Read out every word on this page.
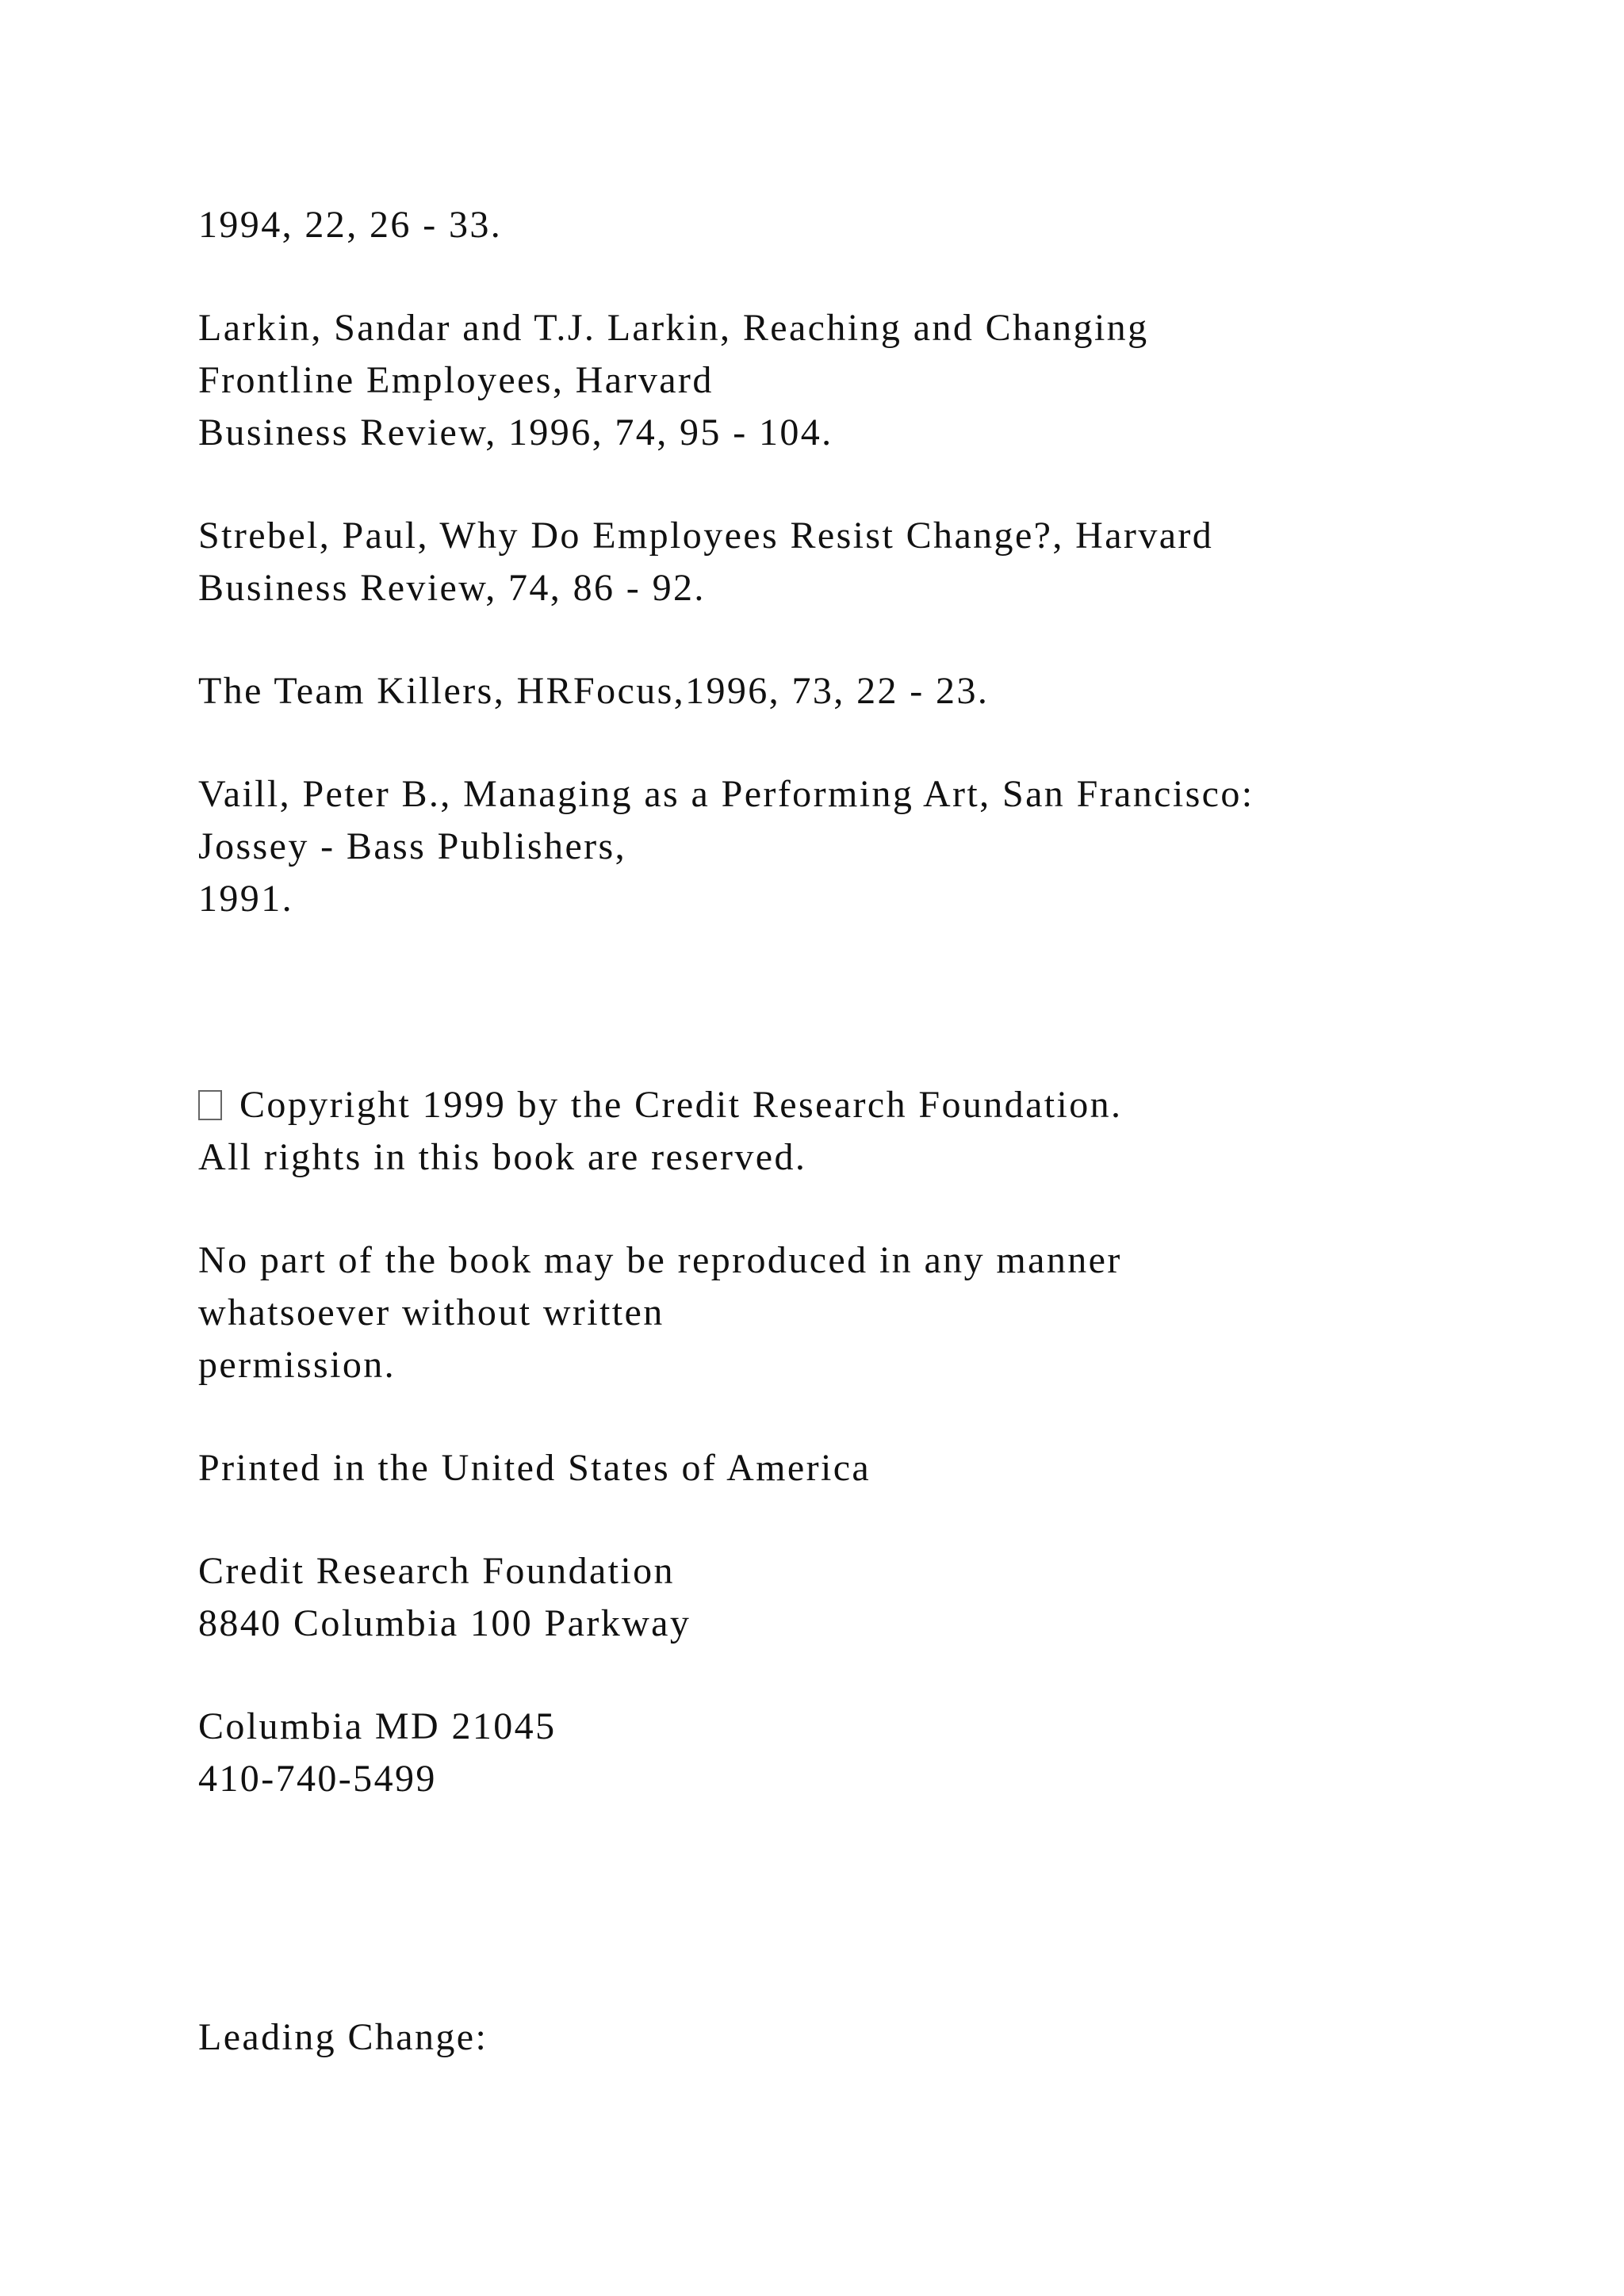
1994, 22, 26 - 33.

Larkin, Sandar and T.J. Larkin, Reaching and Changing

Frontline Employees, Harvard

Business Review, 1996, 74, 95 - 104.

Strebel, Paul, Why Do Employees Resist Change?, Harvard

Business Review, 74, 86 - 92.

The Team Killers, HRFocus,1996, 73, 22 - 23.

Vaill, Peter B., Managing as a Performing Art, San Francisco:

Jossey - Bass Publishers,

1991.

Copyright 1999 by the Credit Research Foundation.

All rights in this book are reserved.

No part of the book may be reproduced in any manner

whatsoever without written

permission.

Printed in the United States of America

Credit Research Foundation

8840 Columbia 100 Parkway

Columbia MD 21045

410-740-5499

Leading Change:
